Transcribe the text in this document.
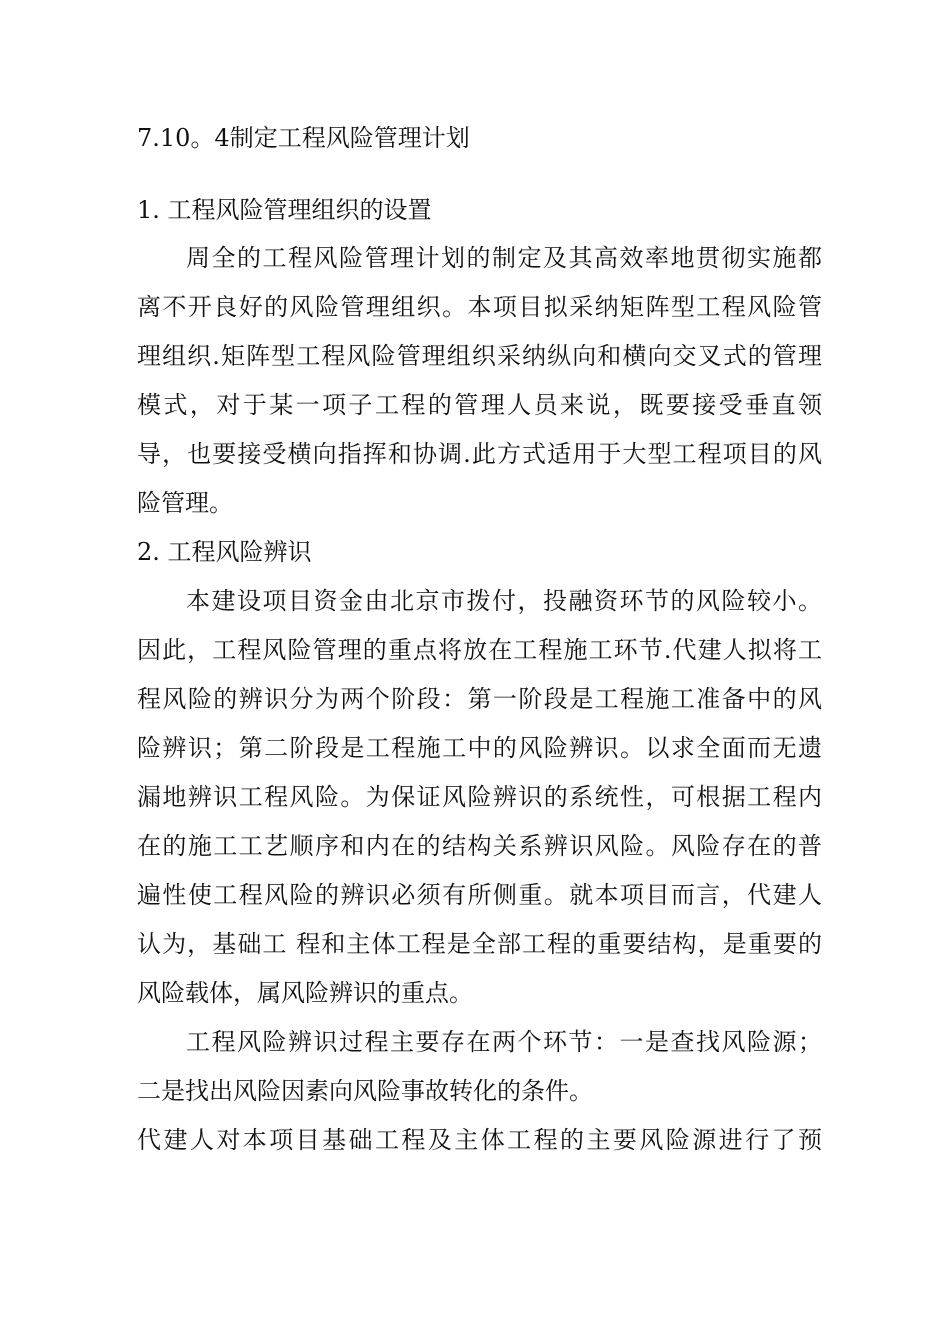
7.10。4制定工程风险管理计划
1. 工程风险管理组织的设置
周全的工程风险管理计划的制定及其高效率地贯彻实施都
离不开良好的风险管理组织。本项目拟采纳矩阵型工程风险管
理组织.矩阵型工程风险管理组织采纳纵向和横向交叉式的管理
模式，对于某一项子工程的管理人员来说，既要接受垂直领
导，也要接受横向指挥和协调.此方式适用于大型工程项目的风
险管理。
2. 工程风险辨识
本建设项目资金由北京市拨付，投融资环节的风险较小。
因此，工程风险管理的重点将放在工程施工环节.代建人拟将工
程风险的辨识分为两个阶段：第一阶段是工程施工准备中的风
险辨识；第二阶段是工程施工中的风险辨识。以求全面而无遗
漏地辨识工程风险。为保证风险辨识的系统性，可根据工程内
在的施工工艺顺序和内在的结构关系辨识风险。风险存在的普
遍性使工程风险的辨识必须有所侧重。就本项目而言，代建人
认为，基础工 程和主体工程是全部工程的重要结构，是重要的
风险载体，属风险辨识的重点。
工程风险辨识过程主要存在两个环节：一是查找风险源；
二是找出风险因素向风险事故转化的条件。
代建人对本项目基础工程及主体工程的主要风险源进行了预
